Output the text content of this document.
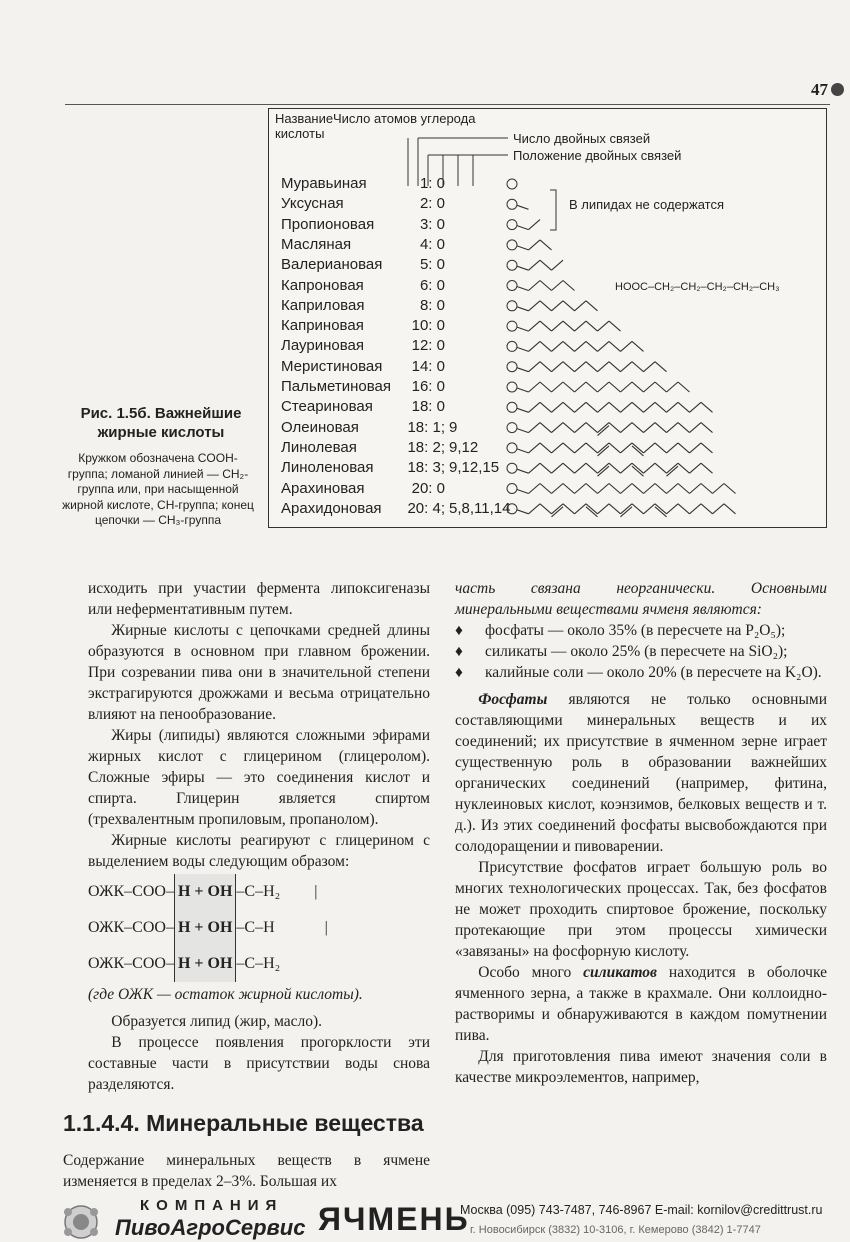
47
Название
кислоты
Число атомов углерода
Число двойных связей
Положение двойных связей
Муравьиная	1: 0
Уксусная	2: 0
Пропионовая	3: 0
Масляная	4: 0
Валериановая	5: 0
Капроновая	6: 0
Каприловая	8: 0
Каприновая	10: 0
Лауриновая	12: 0
Меристиновая	14: 0
Пальметиновая	16: 0
Стеариновая	18: 0
Олеиновая	18: 1; 9
Линолевая	18: 2; 9,12
Линоленовая	18: 3; 9,12,15
Арахиновая	20: 0
Арахидоновая	20: 4; 5,8,11,14
В липидах не содержатся
HOOC–CH₂–CH₂–CH₂–CH₂–CH₃
Рис. 1.5б. Важнейшие жирные кислоты
Кружком обозначена COOH-группа; ломаной линией — CH₂-группа или, при насыщенной жирной кислоте, CH-группа; конец цепочки — CH₃-группа

исходить при участии фермента липоксигеназы или неферментативным путем.

Жирные кислоты с цепочками средней длины образуются в основном при главном брожении. При созревании пива они в значительной степени экстрагируются дрожжами и весьма отрицательно влияют на пенообразование.

Жиры (липиды) являются сложными эфирами жирных кислот с глицерином (глицеролом). Сложные эфиры — это соединения кислот и спирта. Глицерин является спиртом (трехвалентным пропиловым, пропанолом).

Жирные кислоты реагируют с глицерином с выделением воды следующим образом:

ОЖК–СОО– H + OH –С–H₂ |
ОЖК–СОО– H + OH –С–H	|
ОЖК–СОО– H + OH –С–H₂

(где ОЖК — остаток жирной кислоты).

Образуется липид (жир, масло).

В процессе появления прогорклости эти составные части в присутствии воды снова разделяются.

1.1.4.4. Минеральные вещества
Содержание минеральных веществ в ячмене изменяется в пределах 2–3%. Большая их

часть связана неорганически. Основными минеральными веществами ячменя являются:

♦	фосфаты — около 35% (в пересчете на P₂O₅);
♦	силикаты — около 25% (в пересчете на SiO₂);
♦	калийные соли — около 20% (в пересчете на K₂O).

Фосфаты являются не только основными составляющими минеральных веществ и их соединений; их присутствие в ячменном зерне играет существенную роль в образовании важнейших органических соединений (например, фитина, нуклеиновых кислот, коэнзимов, белковых веществ и т. д.). Из этих соединений фосфаты высвобождаются при солодоращении и пивоварении.

Присутствие фосфатов играет большую роль во многих технологических процессах. Так, без фосфатов не может проходить спиртовое брожение, поскольку протекающие при этом процессы химически «завязаны» на фосфорную кислоту.

Особо много силикатов находится в оболочке ячменного зерна, а также в крахмале. Они коллоидно-растворимы и обнаруживаются в каждом помутнении пива.

Для приготовления пива имеют значения соли в качестве микроэлементов, например,

КОМПАНИЯ
ПивоАгроСервис ЯЧМЕНЬ
Москва (095) 743-7487, 746-8967 E-mail: kornilov@credittrust.ru
г. Новосибирск (3832) 10-3106, г. Кемерово (3842) 1-7747
